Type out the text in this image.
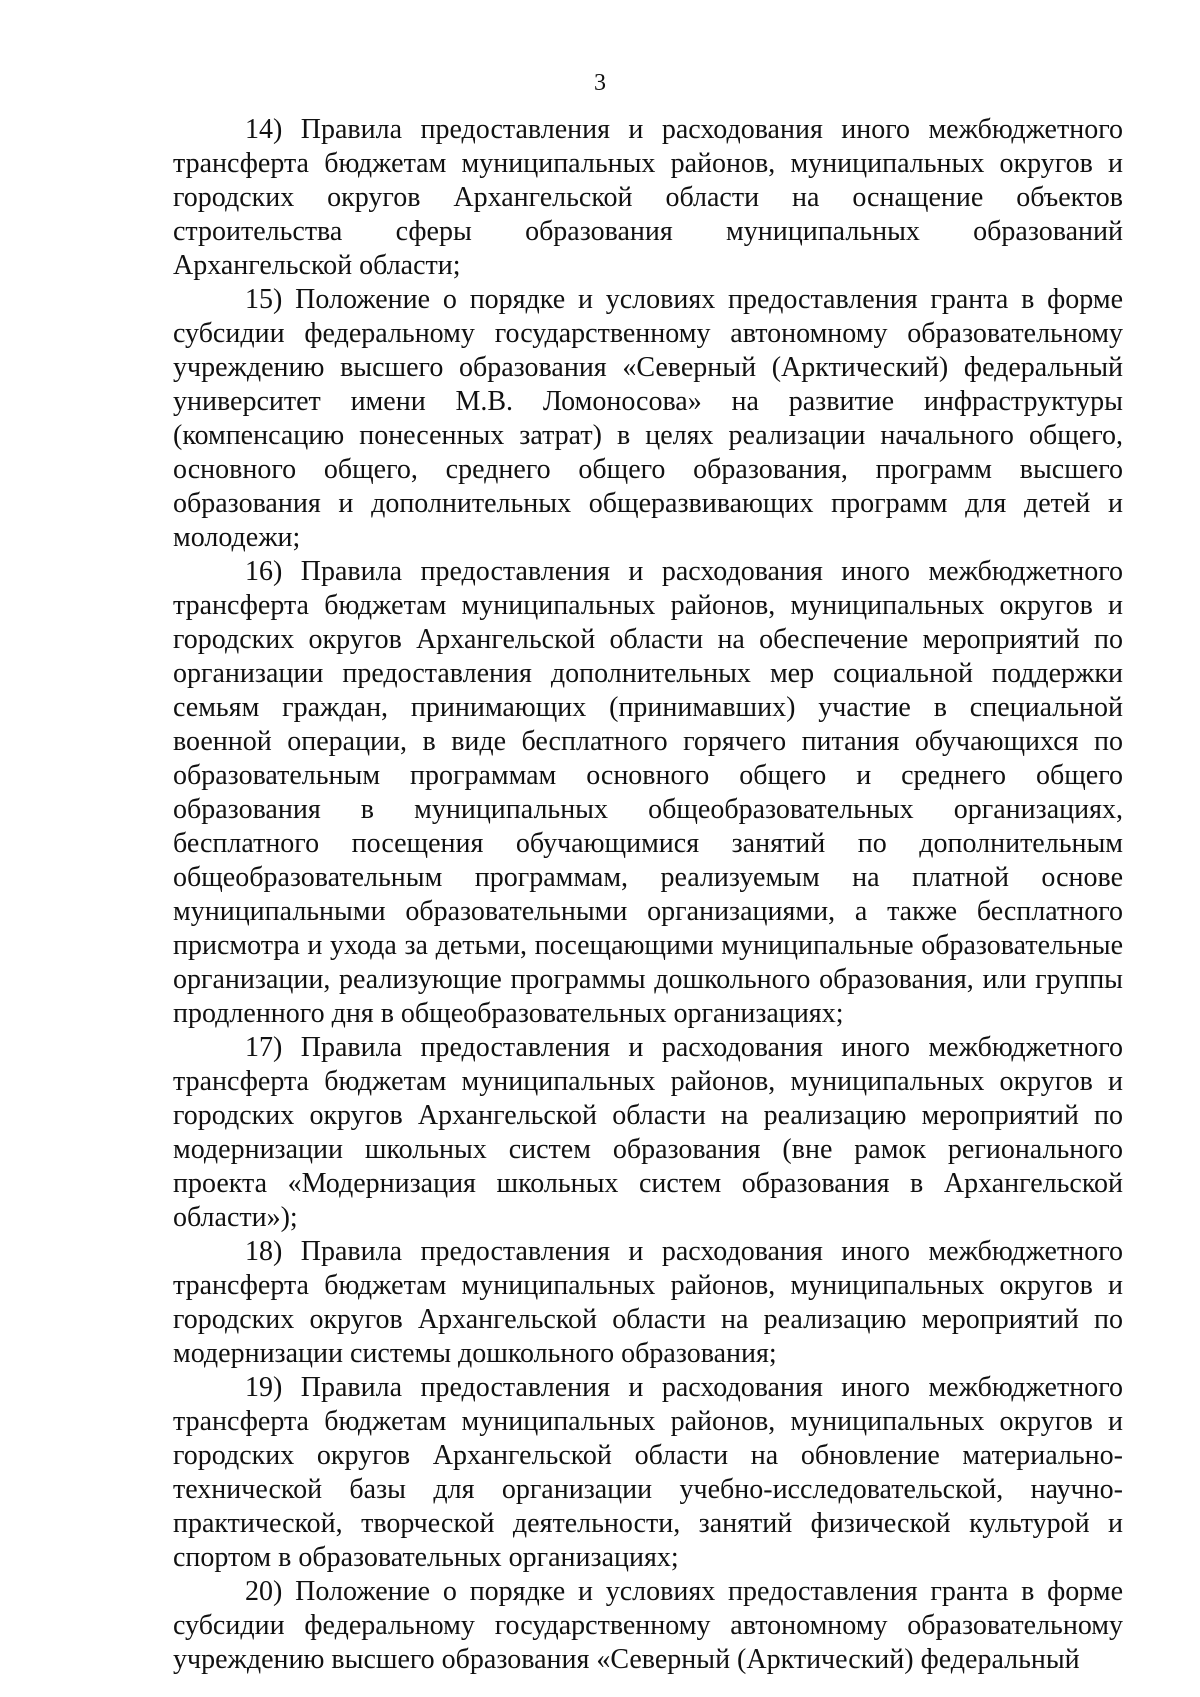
3

14) Правила предоставления и расходования иного межбюджетного трансферта бюджетам муниципальных районов, муниципальных округов и городских округов Архангельской области на оснащение объектов строительства сферы образования муниципальных образований Архангельской области;

15) Положение о порядке и условиях предоставления гранта в форме субсидии федеральному государственному автономному образовательному учреждению высшего образования «Северный (Арктический) федеральный университет имени М.В. Ломоносова» на развитие инфраструктуры (компенсацию понесенных затрат) в целях реализации начального общего, основного общего, среднего общего образования, программ высшего образования и дополнительных общеразвивающих программ для детей и молодежи;

16) Правила предоставления и расходования иного межбюджетного трансферта бюджетам муниципальных районов, муниципальных округов и городских округов Архангельской области на обеспечение мероприятий по организации предоставления дополнительных мер социальной поддержки семьям граждан, принимающих (принимавших) участие в специальной военной операции, в виде бесплатного горячего питания обучающихся по образовательным программам основного общего и среднего общего образования в муниципальных общеобразовательных организациях, бесплатного посещения обучающимися занятий по дополнительным общеобразовательным программам, реализуемым на платной основе муниципальными образовательными организациями, а также бесплатного присмотра и ухода за детьми, посещающими муниципальные образовательные организации, реализующие программы дошкольного образования, или группы продленного дня в общеобразовательных организациях;

17) Правила предоставления и расходования иного межбюджетного трансферта бюджетам муниципальных районов, муниципальных округов и городских округов Архангельской области на реализацию мероприятий по модернизации школьных систем образования (вне рамок регионального проекта «Модернизация школьных систем образования в Архангельской области»);

18) Правила предоставления и расходования иного межбюджетного трансферта бюджетам муниципальных районов, муниципальных округов и городских округов Архангельской области на реализацию мероприятий по модернизации системы дошкольного образования;

19) Правила предоставления и расходования иного межбюджетного трансферта бюджетам муниципальных районов, муниципальных округов и городских округов Архангельской области на обновление материально-технической базы для организации учебно-исследовательской, научно-практической, творческой деятельности, занятий физической культурой и спортом в образовательных организациях;

20) Положение о порядке и условиях предоставления гранта в форме субсидии федеральному государственному автономному образовательному учреждению высшего образования «Северный (Арктический) федеральный
